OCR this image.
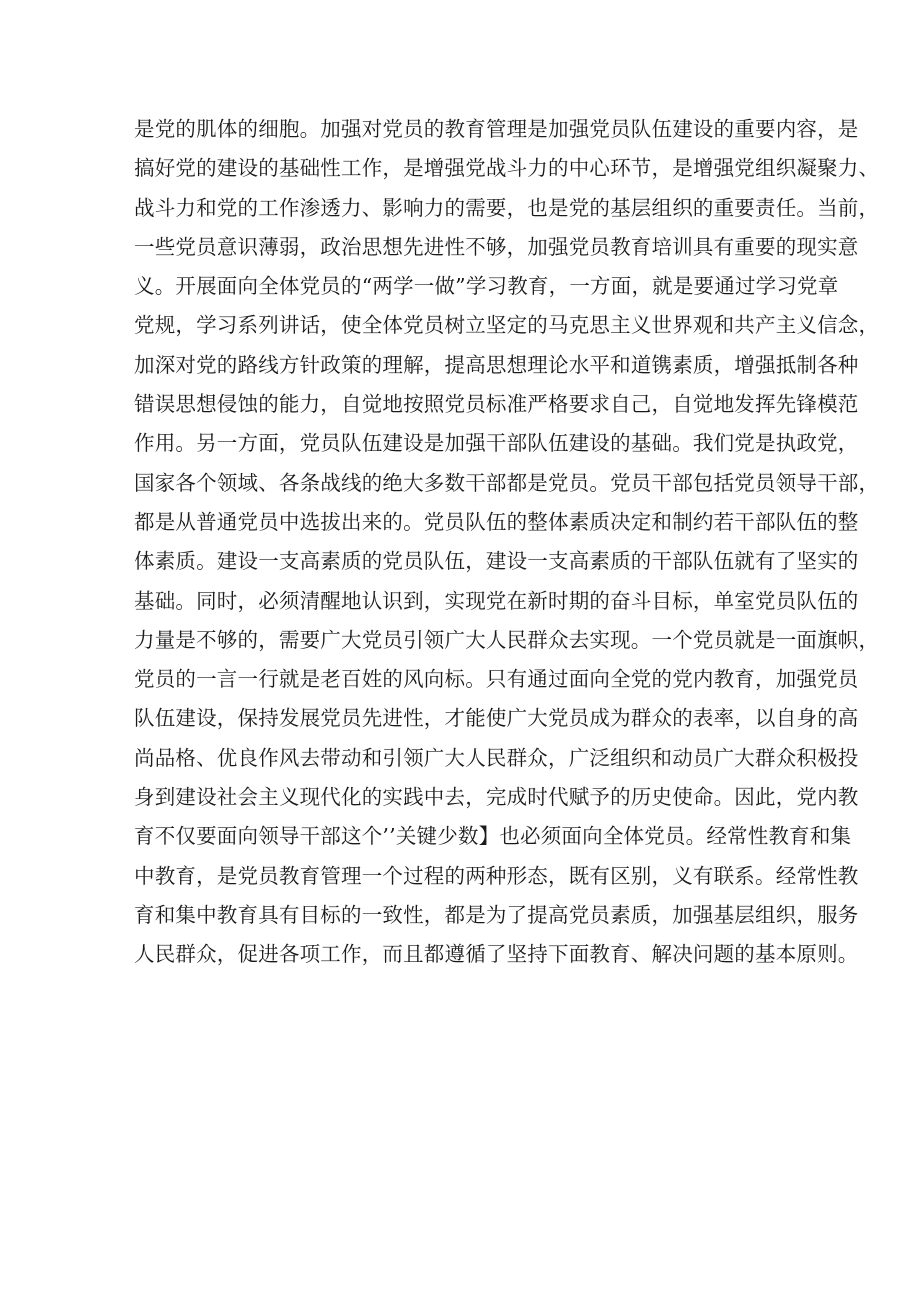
是党的肌体的细胞。加强对党员的教育管理是加强党员队伍建设的重要内容，是
搞好党的建设的基础性工作，是增强党战斗力的中心环节，是增强党组织凝聚力、
战斗力和党的工作渗透力、影响力的需要，也是党的基层组织的重要责任。当前，
一些党员意识薄弱，政治思想先进性不够，加强党员教育培训具有重要的现实意
义。开展面向全体党员的“两学一做”学习教育，一方面，就是要通过学习党章
党规，学习系列讲话，使全体党员树立坚定的马克思主义世界观和共产主义信念，
加深对党的路线方针政策的理解，提高思想理论水平和道镌素质，增强抵制各种
错误思想侵蚀的能力，自觉地按照党员标准严格要求自己，自觉地发挥先锋模范
作用。另一方面，党员队伍建设是加强干部队伍建设的基础。我们党是执政党，
国家各个领域、各条战线的绝大多数干部都是党员。党员干部包括党员领导干部，
都是从普通党员中选拔出来的。党员队伍的整体素质决定和制约若干部队伍的整
体素质。建设一支高素质的党员队伍，建设一支高素质的干部队伍就有了坚实的
基础。同时，必须清醒地认识到，实现党在新时期的奋斗目标，单室党员队伍的
力量是不够的，需要广大党员引领广大人民群众去实现。一个党员就是一面旗帜，
党员的一言一行就是老百姓的风向标。只有通过面向全党的党内教育，加强党员
队伍建设，保持发展党员先进性，才能使广大党员成为群众的表率，以自身的高
尚品格、优良作风去带动和引领广大人民群众，广泛组织和动员广大群众积极投
身到建设社会主义现代化的实践中去，完成时代赋予的历史使命。因此，党内教
育不仅要面向领导干部这个’’关键少数】也必须面向全体党员。经常性教育和集
中教育，是党员教育管理一个过程的两种形态，既有区别，义有联系。经常性教
育和集中教育具有目标的一致性，都是为了提高党员素质，加强基层组织，服务
人民群众，促进各项工作，而且都遵循了坚持下面教育、解决问题的基本原则。
